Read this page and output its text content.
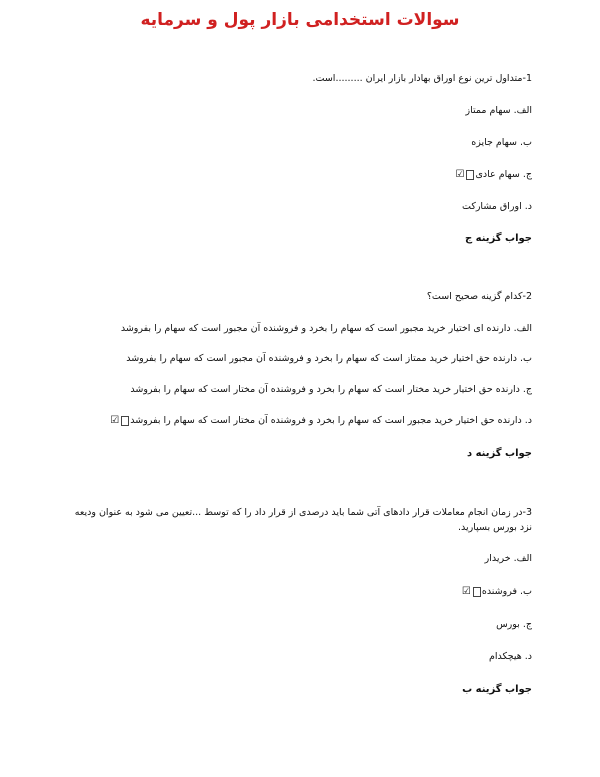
سوالات استخدامی بازار پول و سرمایه
1-متداول ترین نوع اوراق بهادار بازار ایران .........است.
الف. سهام ممتاز
ب. سهام جایزه
ج. سهام عادی☑
د. اوراق مشارکت
جواب گزینه ج
2-کدام گزینه صحیح است؟
الف. دارنده ای اختیار خرید مجبور است که سهام را بخرد و فروشنده آن مجبور است که سهام را بفروشد
ب. دارنده حق اختیار خرید ممتاز است که سهام را بخرد و فروشنده آن مجبور است که سهام را بفروشد
ج. دارنده حق اختیار خرید مختار است که سهام را بخرد و فروشنده آن مختار است که سهام را بفروشد
د. دارنده حق اختیار خرید مجبور است که سهام را بخرد و فروشنده آن مختار است که سهام را بفروشد☑
جواب گزینه د
3-در زمان انجام معاملات قرار دادهای آتی شما باید درصدی از قرار داد را که توسط ...تعیین می شود به عنوان ودیعه نزد بورس بسپارید.
الف. خریدار
ب. فروشنده☑
ج. بورس
د. هیچکدام
جواب گزینه ب
